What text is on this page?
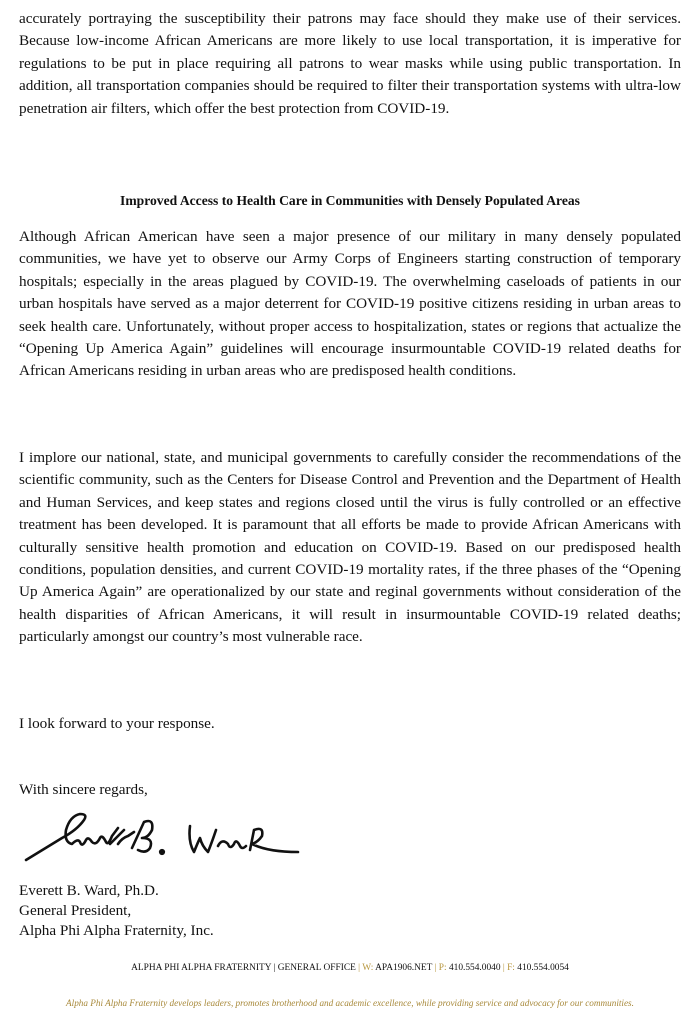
accurately portraying the susceptibility their patrons may face should they make use of their services. Because low-income African Americans are more likely to use local transportation, it is imperative for regulations to be put in place requiring all patrons to wear masks while using public transportation. In addition, all transportation companies should be required to filter their transportation systems with ultra-low penetration air filters, which offer the best protection from COVID-19.

Improved Access to Health Care in Communities with Densely Populated Areas

Although African American have seen a major presence of our military in many densely populated communities, we have yet to observe our Army Corps of Engineers starting construction of temporary hospitals; especially in the areas plagued by COVID-19. The overwhelming caseloads of patients in our urban hospitals have served as a major deterrent for COVID-19 positive citizens residing in urban areas to seek health care. Unfortunately, without proper access to hospitalization, states or regions that actualize the “Opening Up America Again” guidelines will encourage insurmountable COVID-19 related deaths for African Americans residing in urban areas who are predisposed health conditions.

I implore our national, state, and municipal governments to carefully consider the recommendations of the scientific community, such as the Centers for Disease Control and Prevention and the Department of Health and Human Services, and keep states and regions closed until the virus is fully controlled or an effective treatment has been developed. It is paramount that all efforts be made to provide African Americans with culturally sensitive health promotion and education on COVID-19. Based on our predisposed health conditions, population densities, and current COVID-19 mortality rates, if the three phases of the “Opening Up America Again” are operationalized by our state and reginal governments without consideration of the health disparities of African Americans, it will result in insurmountable COVID-19 related deaths; particularly amongst our country’s most vulnerable race.

I look forward to your response.

With sincere regards,

Everett B. Ward, Ph.D.

General President,

Alpha Phi Alpha Fraternity, Inc.

ALPHA PHI ALPHA FRATERNITY | GENERAL OFFICE | W: APA1906.NET | P: 410.554.0040 | F: 410.554.0054
Alpha Phi Alpha Fraternity develops leaders, promotes brotherhood and academic excellence, while providing service and advocacy for our communities.
